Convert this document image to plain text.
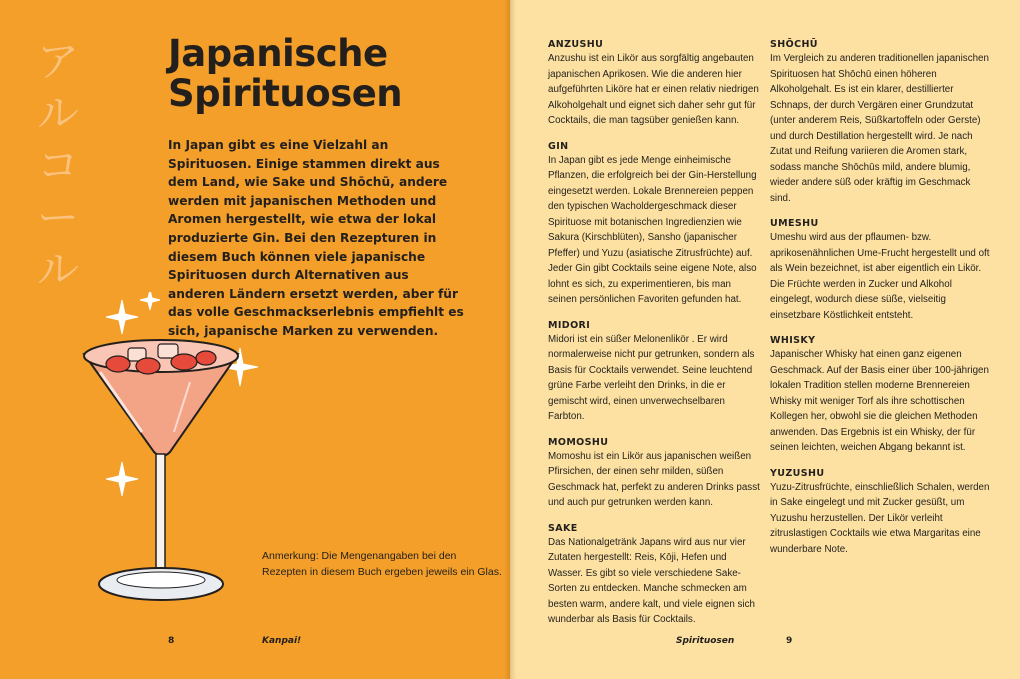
ア
ル
コ
ー
ル
Japanische
Spirituosen

In Japan gibt es eine Vielzahl an Spirituosen. Einige stammen direkt aus dem Land, wie Sake und Shōchū, andere werden mit japanischen Methoden und Aromen hergestellt, wie etwa der lokal produzierte Gin. Bei den Rezepturen in diesem Buch können viele japanische Spirituosen durch Alternativen aus anderen Ländern ersetzt werden, aber für das volle Geschmackserlebnis empfiehlt es sich, japanische Marken zu verwenden.

Anmerkung: Die Mengenangaben bei den
Rezepten in diesem Buch ergeben jeweils ein Glas.
8	Kanpai!
ANZUSHU

Anzushu ist ein Likör aus sorgfältig angebauten japanischen Aprikosen. Wie die anderen hier aufgeführten Liköre hat er einen relativ niedrigen Alkoholgehalt und eignet sich daher sehr gut für Cocktails, die man tagsüber genießen kann.

GIN

In Japan gibt es jede Menge einheimische Pflanzen, die erfolgreich bei der Gin-Herstellung eingesetzt werden. Lokale Brennereien peppen den typischen Wacholdergeschmack dieser Spirituose mit botanischen Ingredienzien wie Sakura (Kirschblüten), Sansho (japanischer Pfeffer) und Yuzu (asiatische Zitrusfrüchte) auf. Jeder Gin gibt Cocktails seine eigene Note, also lohnt es sich, zu experimentieren, bis man seinen persönlichen Favoriten gefunden hat.

MIDORI

Midori ist ein süßer Melonenlikör . Er wird normalerweise nicht pur getrunken, sondern als Basis für Cocktails verwendet. Seine leuchtend grüne Farbe verleiht den Drinks, in die er gemischt wird, einen unverwechselbaren Farbton.

MOMOSHU

Momoshu ist ein Likör aus japanischen weißen Pfirsichen, der einen sehr milden, süßen Geschmack hat, perfekt zu anderen Drinks passt und auch pur getrunken werden kann.

SAKE

Das Nationalgetränk Japans wird aus nur vier Zutaten hergestellt: Reis, Kōji, Hefen und Wasser. Es gibt so viele verschiedene Sake-Sorten zu entdecken. Manche schmecken am besten warm, andere kalt, und viele eignen sich wunderbar als Basis für Cocktails.

SHŌCHŪ

Im Vergleich zu anderen traditionellen japanischen Spirituosen hat Shōchū einen höheren Alkoholgehalt. Es ist ein klarer, destillierter Schnaps, der durch Vergären einer Grundzutat (unter anderem Reis, Süßkartoffeln oder Gerste) und durch Destillation hergestellt wird. Je nach Zutat und Reifung variieren die Aromen stark, sodass manche Shōchūs mild, andere blumig, wieder andere süß oder kräftig im Geschmack sind.

UMESHU

Umeshu wird aus der pflaumen- bzw. aprikosenähnlichen Ume-Frucht hergestellt und oft als Wein bezeichnet, ist aber eigentlich ein Likör. Die Früchte werden in Zucker und Alkohol eingelegt, wodurch diese süße, vielseitig einsetzbare Köstlichkeit entsteht.

WHISKY

Japanischer Whisky hat einen ganz eigenen Geschmack. Auf der Basis einer über 100-jährigen lokalen Tradition stellen moderne Brennereien Whisky mit weniger Torf als ihre schottischen Kollegen her, obwohl sie die gleichen Methoden anwenden. Das Ergebnis ist ein Whisky, der für seinen leichten, weichen Abgang bekannt ist.

YUZUSHU

Yuzu-Zitrusfrüchte, einschließlich Schalen, werden in Sake eingelegt und mit Zucker gesüßt, um Yuzushu herzustellen. Der Likör verleiht zitruslastigen Cocktails wie etwa Margaritas eine wunderbare Note.

Spirituosen	9
